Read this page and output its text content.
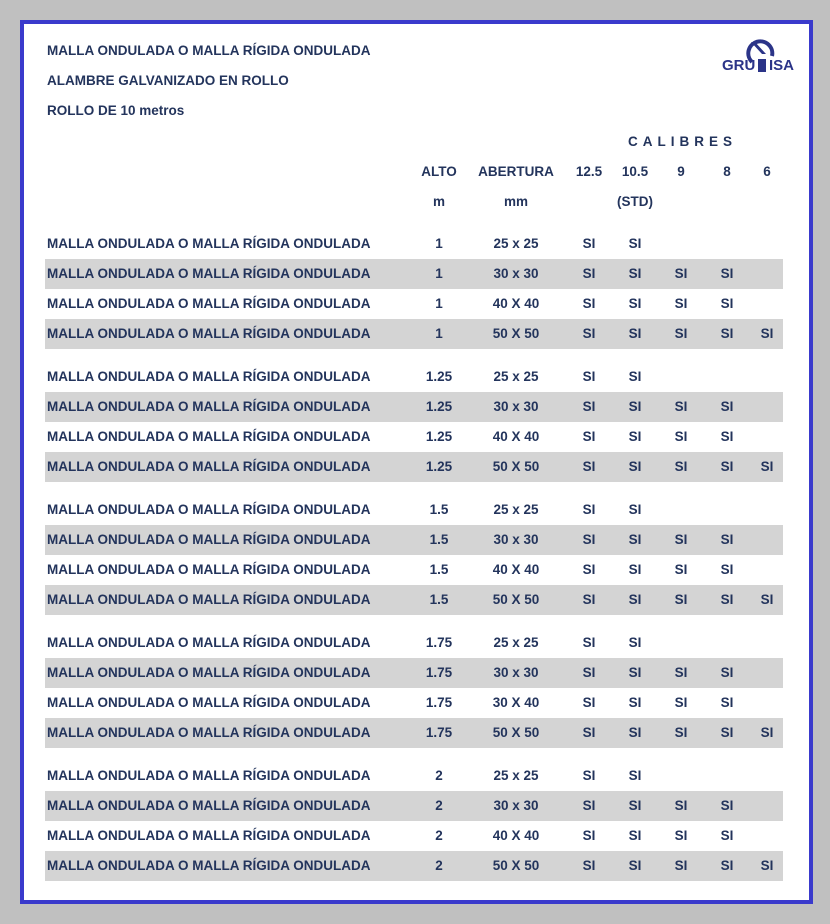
MALLA ONDULADA O MALLA RÍGIDA ONDULADA
ALAMBRE GALVANIZADO EN ROLLO
ROLLO DE 10 metros
GRU ISA
CALIBRES
ALTO	ABERTURA	12.5	10.5	9	8	6
m	mm	(STD)
MALLA ONDULADA O MALLA RÍGIDA ONDULADA	1	25 x 25	SI	SI
MALLA ONDULADA O MALLA RÍGIDA ONDULADA	1	30 x 30	SI	SI	SI	SI
MALLA ONDULADA O MALLA RÍGIDA ONDULADA	1	40 X 40	SI	SI	SI	SI
MALLA ONDULADA O MALLA RÍGIDA ONDULADA	1	50 X 50	SI	SI	SI	SI	SI
MALLA ONDULADA O MALLA RÍGIDA ONDULADA	1.25	25 x 25	SI	SI
MALLA ONDULADA O MALLA RÍGIDA ONDULADA	1.25	30 x 30	SI	SI	SI	SI
MALLA ONDULADA O MALLA RÍGIDA ONDULADA	1.25	40 X 40	SI	SI	SI	SI
MALLA ONDULADA O MALLA RÍGIDA ONDULADA	1.25	50 X 50	SI	SI	SI	SI	SI
MALLA ONDULADA O MALLA RÍGIDA ONDULADA	1.5	25 x 25	SI	SI
MALLA ONDULADA O MALLA RÍGIDA ONDULADA	1.5	30 x 30	SI	SI	SI	SI
MALLA ONDULADA O MALLA RÍGIDA ONDULADA	1.5	40 X 40	SI	SI	SI	SI
MALLA ONDULADA O MALLA RÍGIDA ONDULADA	1.5	50 X 50	SI	SI	SI	SI	SI
MALLA ONDULADA O MALLA RÍGIDA ONDULADA	1.75	25 x 25	SI	SI
MALLA ONDULADA O MALLA RÍGIDA ONDULADA	1.75	30 x 30	SI	SI	SI	SI
MALLA ONDULADA O MALLA RÍGIDA ONDULADA	1.75	30 X 40	SI	SI	SI	SI
MALLA ONDULADA O MALLA RÍGIDA ONDULADA	1.75	50 X 50	SI	SI	SI	SI	SI
MALLA ONDULADA O MALLA RÍGIDA ONDULADA	2	25 x 25	SI	SI
MALLA ONDULADA O MALLA RÍGIDA ONDULADA	2	30 x 30	SI	SI	SI	SI
MALLA ONDULADA O MALLA RÍGIDA ONDULADA	2	40 X 40	SI	SI	SI	SI
MALLA ONDULADA O MALLA RÍGIDA ONDULADA	2	50 X 50	SI	SI	SI	SI	SI
